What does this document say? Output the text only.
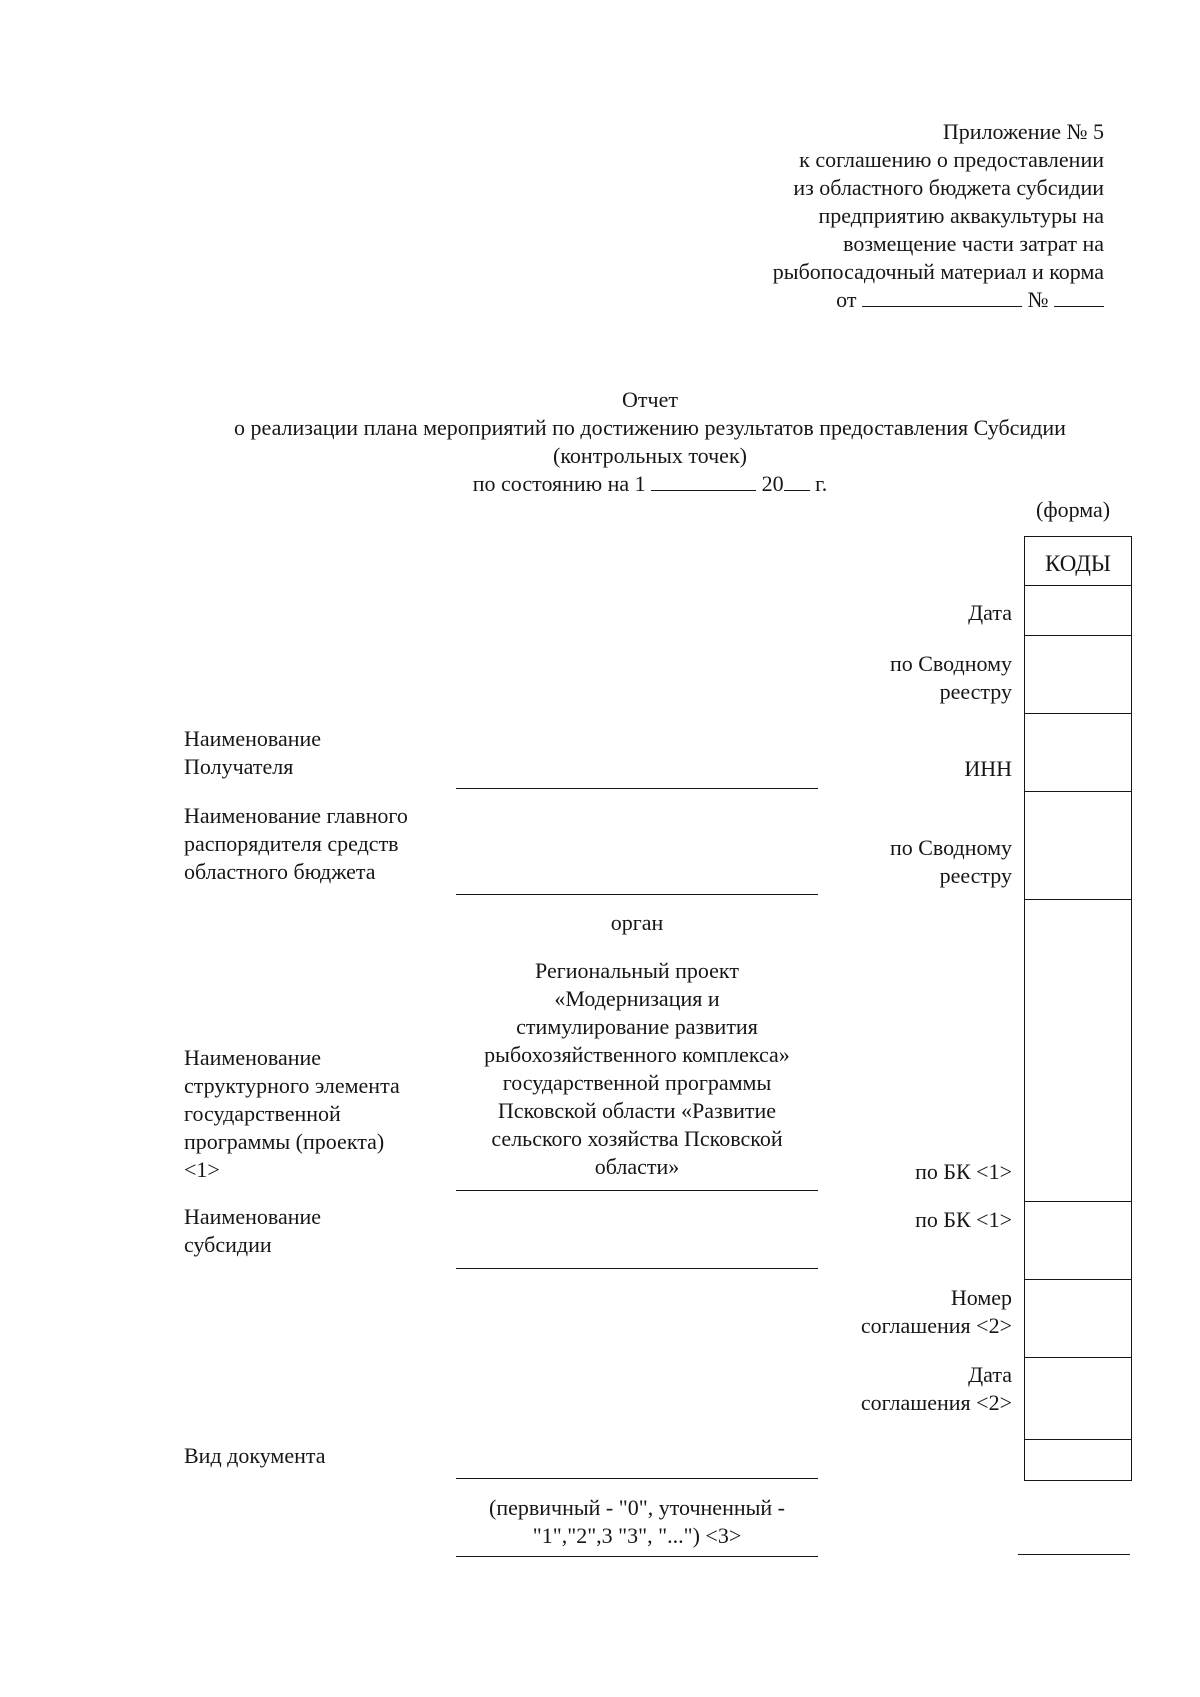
Приложение № 5
к соглашению о предоставлении
из областного бюджета субсидии
предприятию аквакультуры на
возмещение части затрат на
рыбопосадочный материал и корма
от	№
Отчет
о реализации плана мероприятий по достижению результатов предоставления Субсидии
(контрольных точек)
по состоянию на 1	20 г.
(форма)
КОДЫ
Дата
по Сводному
реестру
ИНН
по Сводному
реестру
по БК <1>
по БК <1>
Номер
соглашения <2>
Дата
соглашения <2>
Наименование
Получателя
Наименование главного
распорядителя средств
областного бюджета
Наименование
структурного элемента
государственной
программы (проекта)
<1>
Наименование
субсидии
Вид документа
орган
Региональный проект
«Модернизация и
стимулирование развития
рыбохозяйственного комплекса»
государственной программы
Псковской области «Развитие
сельского хозяйства Псковской
области»
(первичный - "0", уточненный -
"1","2",3 "3", "...") <3>
